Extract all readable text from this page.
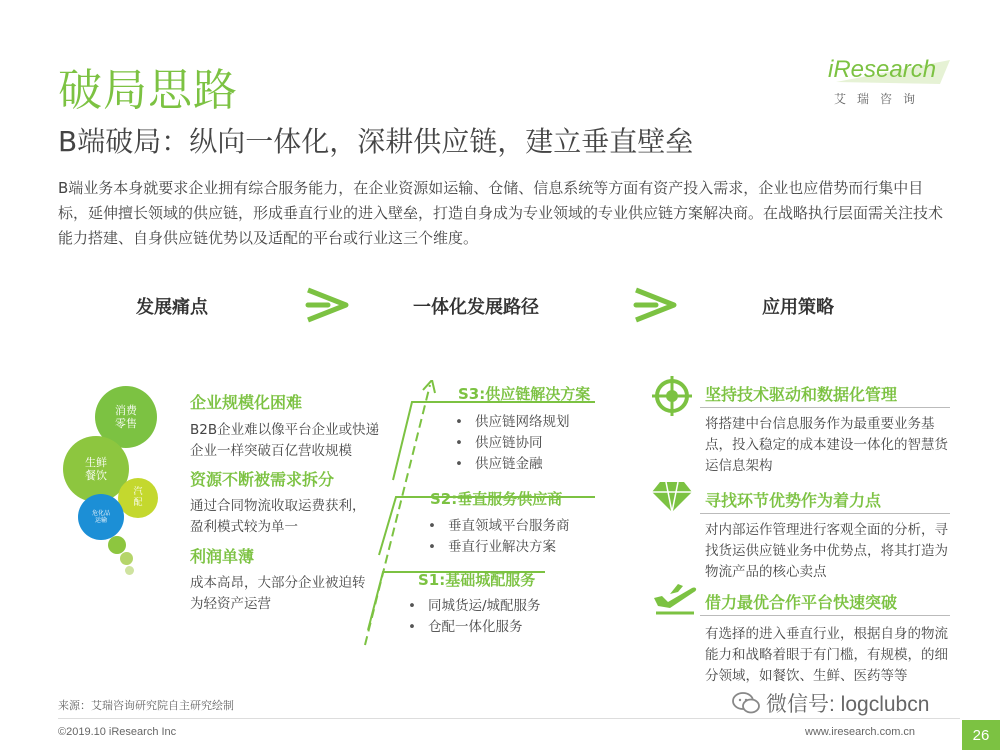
破局思路
B端破局：纵向一体化，深耕供应链，建立垂直壁垒
B端业务本身就要求企业拥有综合服务能力，在企业资源如运输、仓储、信息系统等方面有资产投入需求，企业也应借势而行集中目标，延伸擅长领域的供应链，形成垂直行业的进入壁垒，打造自身成为专业领域的专业供应链方案解决商。在战略执行层面需关注技术能力搭建、自身供应链优势以及适配的平台或行业这三个维度。
iResearch
艾瑞咨询
发展痛点	一体化发展路径	应用策略
消费
零售
生鲜
餐饮
汽
配
危化品
运输
企业规模化困难
B2B企业难以像平台企业或快递企业一样突破百亿营收规模
资源不断被需求拆分
通过合同物流收取运费获利，盈利模式较为单一
利润单薄
成本高昂，大部分企业被迫转为轻资产运营
S3:供应链解决方案
• 供应链网络规划
• 供应链协同
• 供应链金融
S2:垂直服务供应商
• 垂直领域平台服务商
• 垂直行业解决方案
S1:基础城配服务
• 同城货运/城配服务
• 仓配一体化服务
坚持技术驱动和数据化管理
将搭建中台信息服务作为最重要业务基点，投入稳定的成本建设一体化的智慧货运信息架构
寻找环节优势作为着力点
对内部运作管理进行客观全面的分析，寻找货运供应链业务中优势点，将其打造为物流产品的核心卖点
借力最优合作平台快速突破
有选择的进入垂直行业，根据自身的物流能力和战略着眼于有门槛，有规模，的细分领域，如餐饮、生鲜、医药等等
来源：艾瑞咨询研究院自主研究绘制
©2019.10 iResearch Inc	www.iresearch.com.cn	26
微信号: logclubcn
